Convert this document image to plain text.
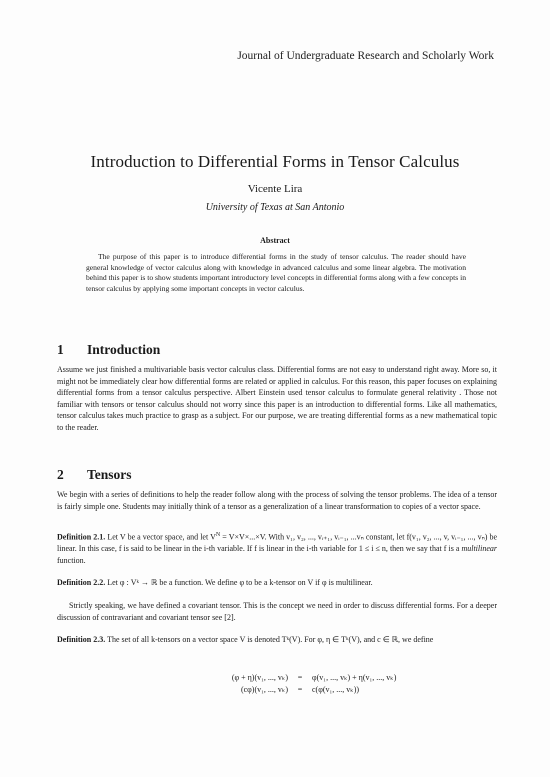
Journal of Undergraduate Research and Scholarly Work
Introduction to Differential Forms in Tensor Calculus
Vicente Lira
University of Texas at San Antonio
Abstract
The purpose of this paper is to introduce differential forms in the study of tensor calculus. The reader should have general knowledge of vector calculus along with knowledge in advanced calculus and some linear algebra. The motivation behind this paper is to show students important introductory level concepts in differential forms along with a few concepts in tensor calculus by applying some important concepts in vector calculus.
1 Introduction
Assume we just finished a multivariable basis vector calculus class. Differential forms are not easy to understand right away. More so, it might not be immediately clear how differential forms are related or applied in calculus. For this reason, this paper focuses on explaining differential forms from a tensor calculus perspective. Albert Einstein used tensor calculus to formulate general relativity . Those not familiar with tensors or tensor calculus should not worry since this paper is an introduction to differential forms. Like all mathematics, tensor calculus takes much practice to grasp as a subject. For our purpose, we are treating differential forms as a new mathematical topic to the reader.
2 Tensors
We begin with a series of definitions to help the reader follow along with the process of solving the tensor problems. The idea of a tensor is fairly simple one. Students may initially think of a tensor as a generalization of a linear transformation to copies of a vector space.
Definition 2.1. Let V be a vector space, and let $V^N = V\times V\times...\times V$. With v₁, v₂, ..., vᵢ₊₁, vᵢ₋₁, ...vₙ constant, let f(v₁, v₂, ..., v, vᵢ₋₁, ..., vₙ) be linear. In this case, f is said to be linear in the i-th variable. If f is linear in the i-th variable for 1 ≤ i ≤ n, then we say that f is a multilinear function.
Definition 2.2. Let φ : Vᵏ → ℝ be a function. We define φ to be a k-tensor on V if φ is multilinear.
Strictly speaking, we have defined a covariant tensor. This is the concept we need in order to discuss differential forms. For a deeper discussion of contravariant and covariant tensor see [2].
Definition 2.3. The set of all k-tensors on a vector space V is denoted Tᵏ(V). For φ, η ∈ Tᵏ(V), and c ∈ ℝ, we define
(φ + η)(v₁, ..., vₖ) = φ(v₁, ..., vₖ) + η(v₁, ..., vₖ)
(cφ)(v₁, ..., vₖ) = c(φ(v₁, ..., vₖ))
